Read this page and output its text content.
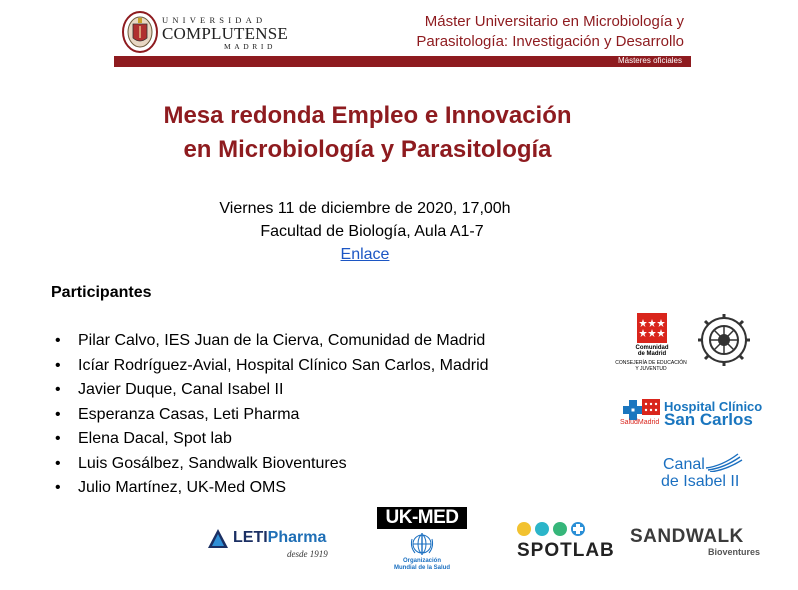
UNIVERSIDAD
COMPLUTENSE
MADRID
Máster Universitario en Microbiología y
Parasitología: Investigación y Desarrollo
Másteres oficiales
Mesa redonda Empleo e Innovación
en Microbiología y Parasitología
Viernes 11 de diciembre de 2020, 17,00h
Facultad de Biología, Aula A1-7
Enlace
Participantes
• Pilar Calvo, IES Juan de la Cierva, Comunidad de Madrid
• Icíar Rodríguez-Avial, Hospital Clínico San Carlos, Madrid
• Javier Duque, Canal Isabel II
• Esperanza Casas, Leti Pharma
• Elena Dacal, Spot lab
• Luis Gosálbez, Sandwalk Bioventures
• Julio Martínez, UK-Med OMS
Comunidad
de Madrid
CONSEJERÍA DE EDUCACIÓN
Y JUVENTUD
SaludMadrid
Hospital Clínico
San Carlos
Canal
de Isabel II
LETIPharma
desde 1919
UK-MED
Organización
Mundial de la Salud
SPOTLAB
SANDWALK
Bioventures
